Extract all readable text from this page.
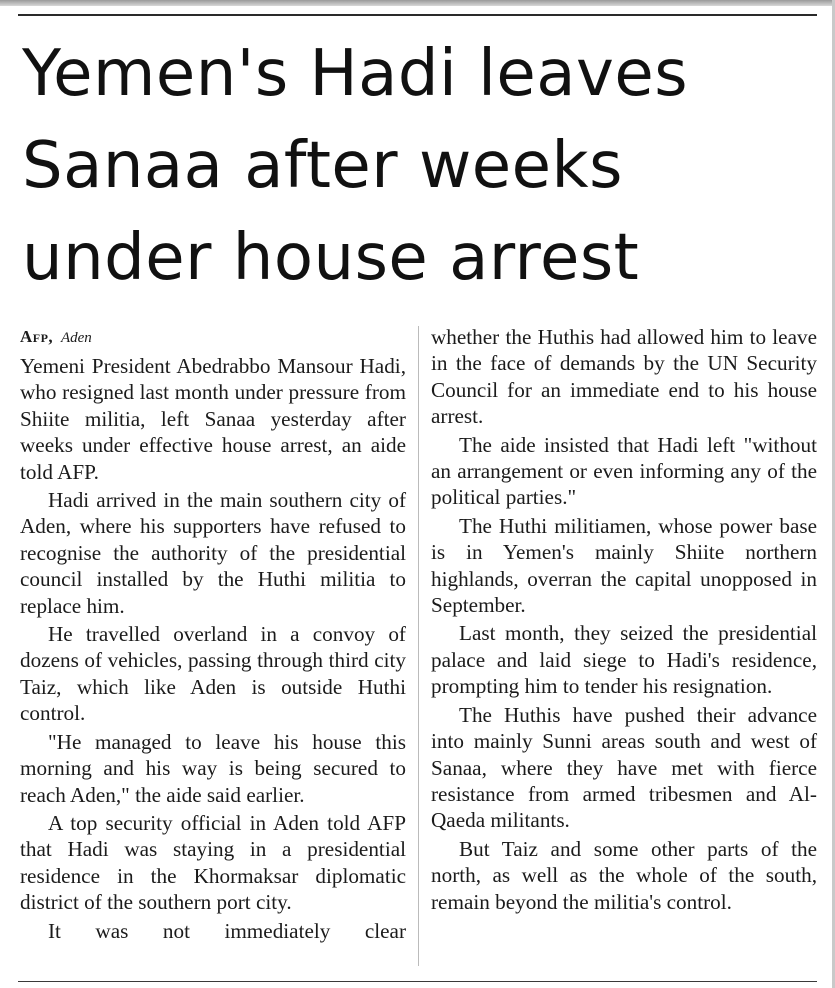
Yemen's Hadi leaves
Sanaa after weeks
under house arrest

Afp, Aden

Yemeni President Abedrabbo Mansour Hadi, who resigned last month under pressure from Shiite militia, left Sanaa yesterday after weeks under effective house arrest, an aide told AFP.

Hadi arrived in the main southern city of Aden, where his supporters have refused to recognise the authority of the presidential council installed by the Huthi militia to replace him.

He travelled overland in a convoy of dozens of vehicles, passing through third city Taiz, which like Aden is outside Huthi control.

"He managed to leave his house this morning and his way is being secured to reach Aden," the aide said earlier.

A top security official in Aden told AFP that Hadi was staying in a presidential residence in the Khormaksar diplomatic district of the southern port city.

It was not immediately clear

whether the Huthis had allowed him to leave in the face of demands by the UN Security Council for an immediate end to his house arrest.

The aide insisted that Hadi left "without an arrangement or even informing any of the political parties."

The Huthi militiamen, whose power base is in Yemen's mainly Shiite northern highlands, overran the capital unopposed in September.

Last month, they seized the presidential palace and laid siege to Hadi's residence, prompting him to tender his resignation.

The Huthis have pushed their advance into mainly Sunni areas south and west of Sanaa, where they have met with fierce resistance from armed tribesmen and Al-Qaeda militants.

But Taiz and some other parts of the north, as well as the whole of the south, remain beyond the militia's control.
